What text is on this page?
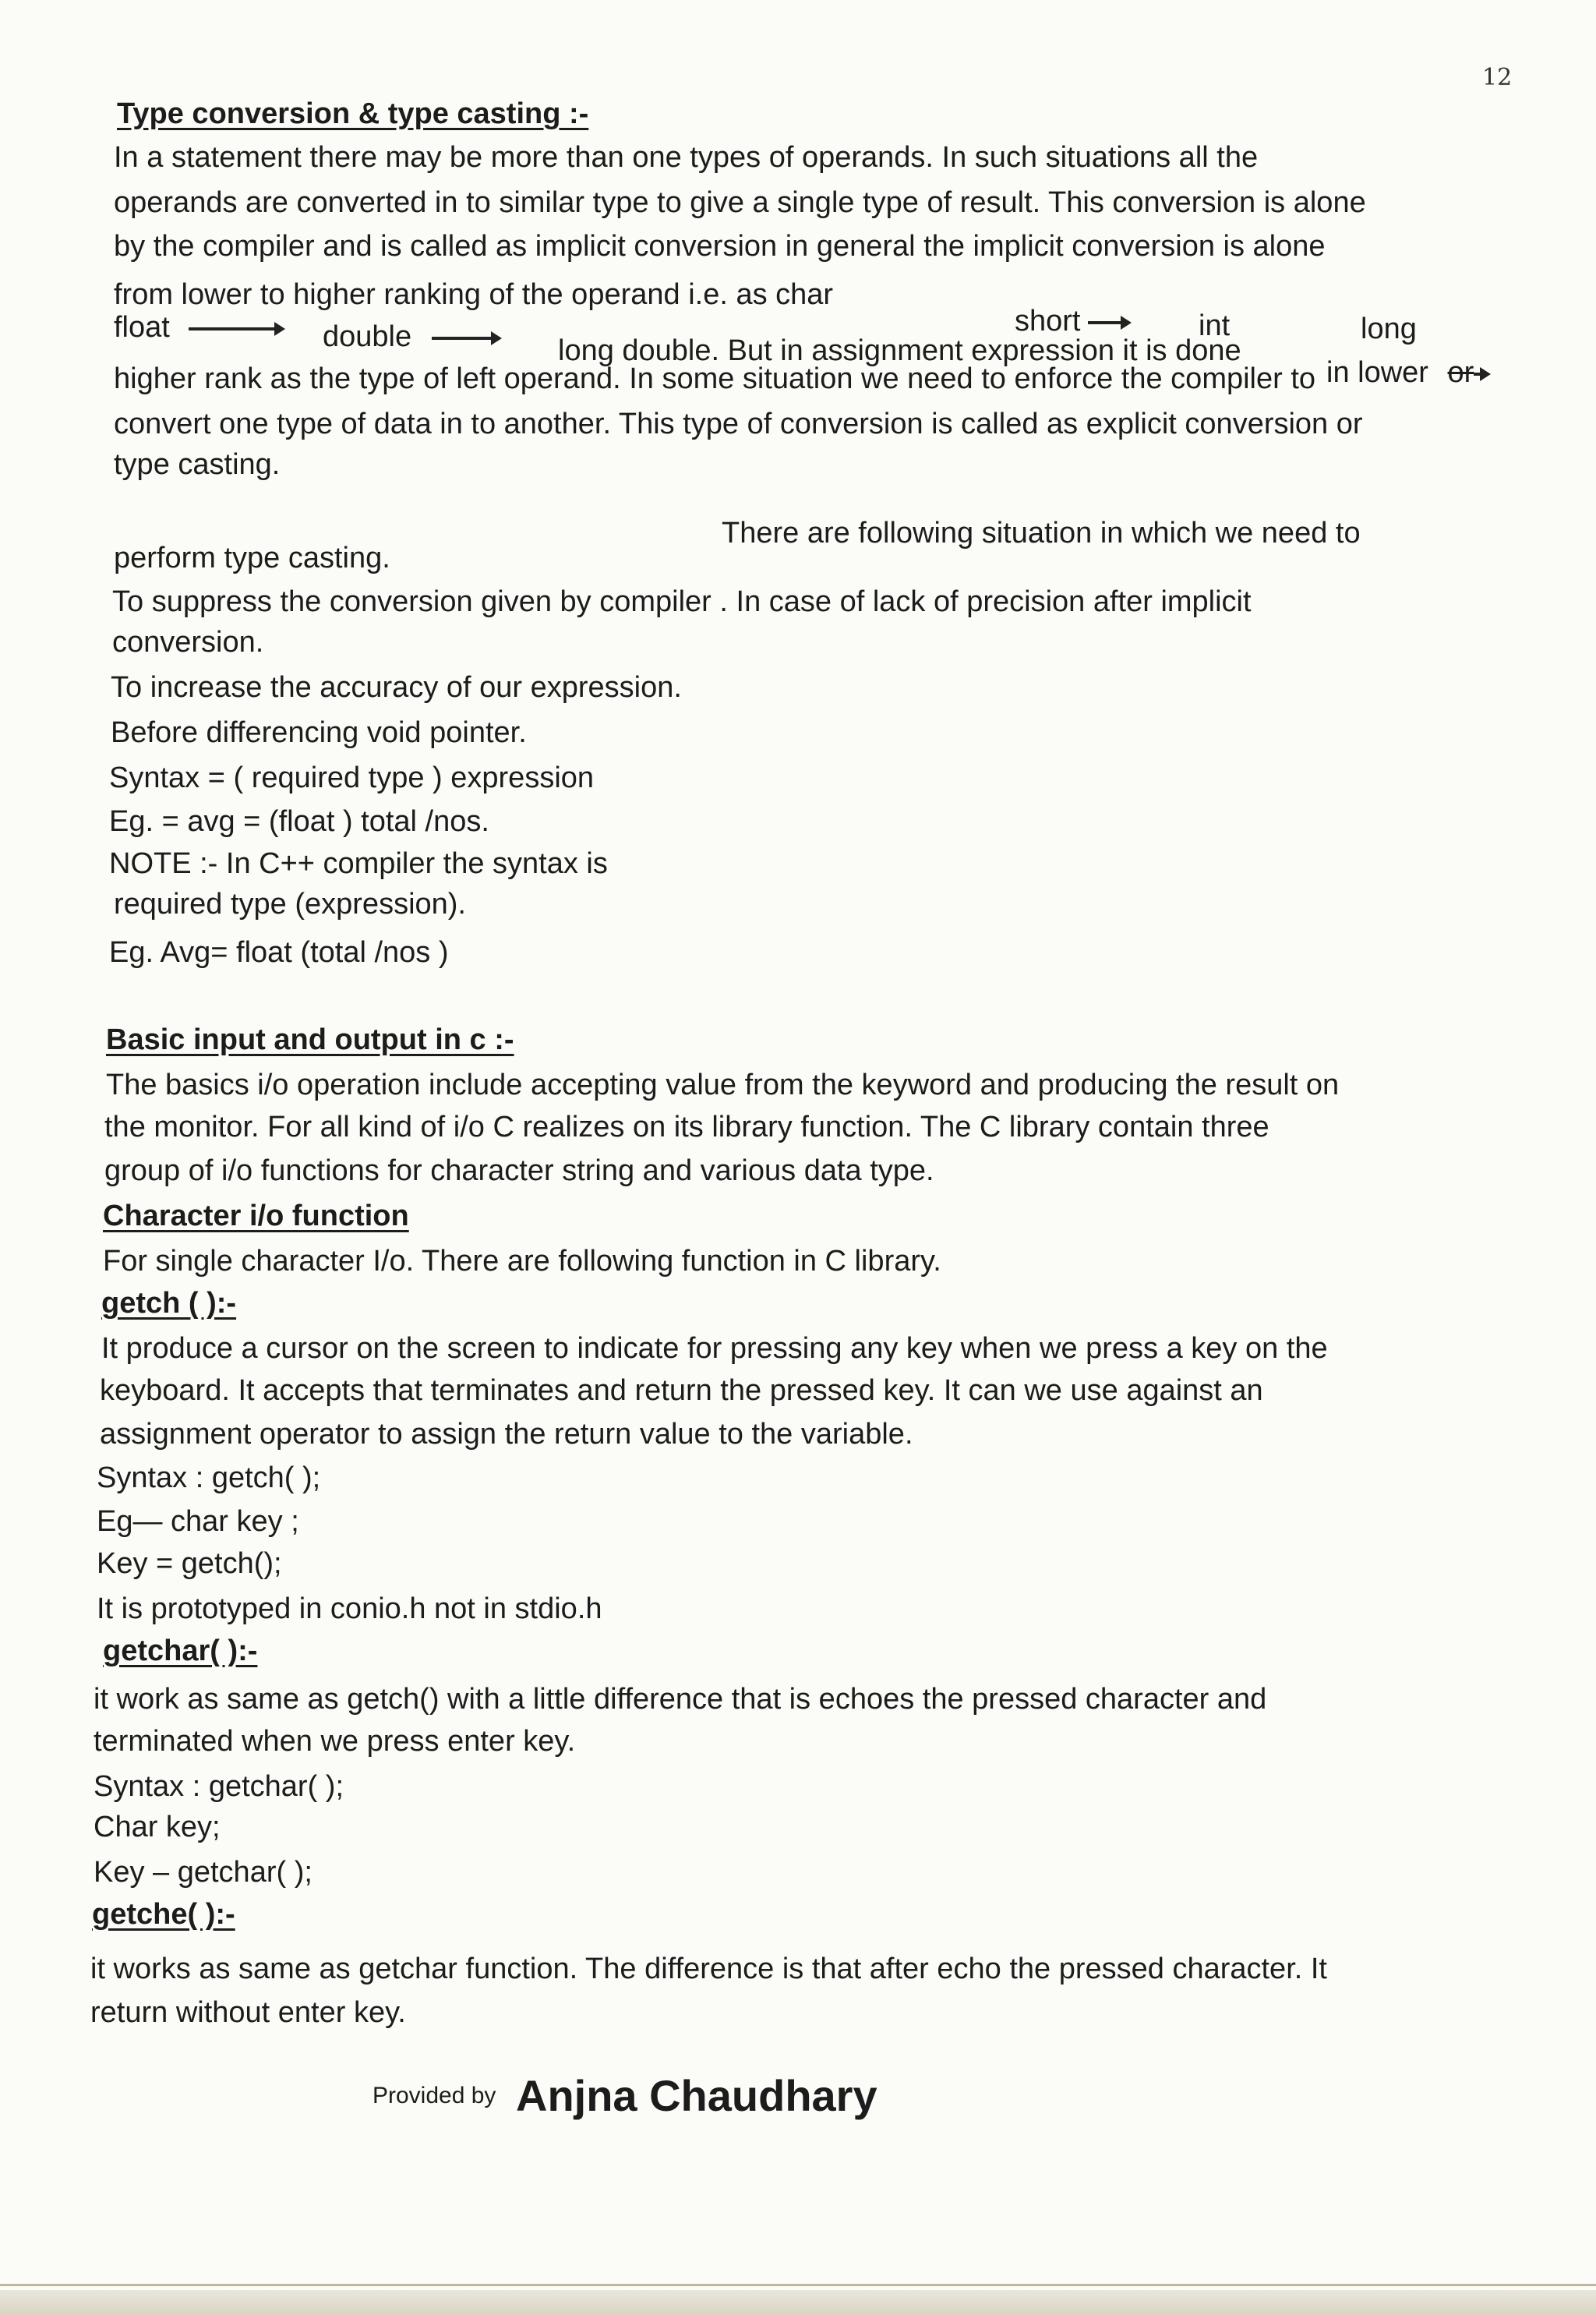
12
Type conversion & type casting :-
In a statement there may be more than one types of operands. In such situations all the
operands are converted in to similar type to give a single type of result. This conversion is alone
by the compiler and is called as implicit conversion in general the implicit conversion is alone
from lower to higher ranking of the operand i.e. as char
short	int	long
float	double	long double. But in assignment expression it is done
in lower or
higher rank as the type of left operand. In some situation we need to enforce the compiler to
convert one type of data in to another. This type of conversion is called as explicit conversion or
type casting.
There are following situation in which we need to
perform type casting.
To suppress the conversion given by compiler . In case of lack of precision after implicit
conversion.
To increase the accuracy of our expression.
Before differencing void pointer.
Syntax = ( required type ) expression
Eg. = avg = (float ) total /nos.
NOTE :- In C++ compiler the syntax is
required type (expression).
Eg. Avg= float (total /nos )
Basic input and output in c :-
The basics i/o operation include accepting value from the keyword and producing the result on
the monitor. For all kind of i/o C realizes on its library function. The C library contain three
group of i/o functions for character string and various data type.
Character i/o function
For single character I/o. There are following function in C library.
getch ( ):-
It produce a cursor on the screen to indicate for pressing any key when we press a key on the
keyboard. It accepts that terminates and return the pressed key. It can we use against an
assignment operator to assign the return value to the variable.
Syntax : getch( );
Eg— char key ;
Key = getch();
It is prototyped in conio.h not in stdio.h
getchar( ):-
it work as same as getch() with a little difference that is echoes the pressed character and
terminated when we press enter key.
Syntax : getchar( );
Char key;
Key – getchar( );
getche( ):-
it works as same as getchar function. The difference is that after echo the pressed character. It
return without enter key.
Provided by Anjna Chaudhary
